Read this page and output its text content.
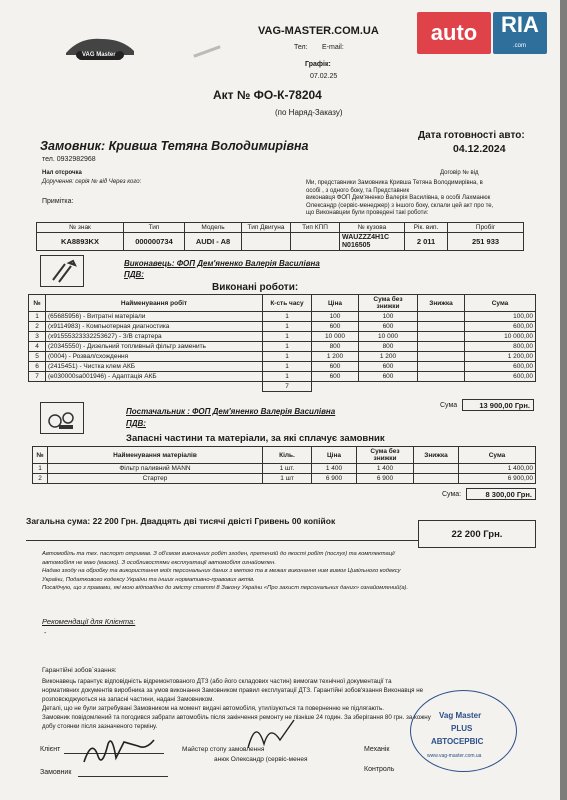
VAG Master
VAG-MASTER.COM.UA
Тел: E-mail:
Графік:
07.02.25
Акт № ФО-К-78204
(по Наряд-Заказу)
auto	RIA
.com
Замовник: Кривша Тетяна Володимирівна
тел. 0932982968
Дата готовності авто:
04.12.2024
Нал отсрочка
Доручення: серія № від Через кого:
Примітка:
Договір № від
Ми, представники Замовника Кривша Тетяна Володимирівна, в
особі , з одного боку, та Представник
виконавця ФОП Дем'яненко Валерія Василівна, в особі Лахманюк
Олександр (сервіс-менеджер) з іншого боку, склали цей акт про те,
що Виконавцем були проведені такі роботи:
№ знак	Тип	Модель	Тип Двигуна	Тип КПП	№ кузова	Рік. вип.	Пробіг
KA8893KX	000000734	AUDI - A8			WAUZZZ4H1C N016505	2 011	251 933
Виконавець: ФОП Дем'яненко Валерія Василівна
ПДВ:
Виконані роботи:
№	Найменування робіт	К-сть часу	Ціна	Сума без знижки	Знижка	Сума
1	(65685956) - Витратні матеріали	1	100	100		100,00
2	(x9114983) - Компьютерная диагностика	1	600	600		600,00
3	(x91555323332253627) - З/В стартера	1	10 000	10 000		10 000,00
4	(20345550) - Дизельний топливный фільтр заменить	1	800	800		800,00
5	(0004) - Розвал/схождення	1	1 200	1 200		1 200,00
6	(2415451) - Чистка клем АКБ	1	600	600		600,00
7	(e030000sa001946) - Адаптація АКБ	1	600	600		600,00
		7				
Сума	13 900,00 Грн.
Постачальник : ФОП Дем'яненко Валерія Василівна
ПДВ:
Запасні частини та матеріали, за які сплачує замовник
№	Найменування матеріалів	Кіль.	Ціна	Сума без знижки	Знижка	Сума
1	Фільтр паливний MANN	1 шт.	1 400	1 400		1 400,00
2	Стартер	1 шт	6 900	6 900		6 900,00
Сума:	8 300,00 Грн.
Загальна сума: 22 200 Грн. Двадцять дві тисячі двісті Гривень 00 копійок
22 200 Грн.
Автомобіль та тех. паспорт отримав. З об'ємом виконаних робіт згоден, претензій до якості робіт (послуг) та комплектації
автомобіля не маю (маємо). З особливостями експлуатації автомобіля ознайомлен.
Надаю згоду на обробку та використання моїх персональних даних з метою та в межах виконання ним вимог Цивільного кодексу
України, Податкового кодексу України та інших нормативно-правових актів.
Посвідчую, що з правами, які мою відповідно до змісту статті 8 Закону України «Про захист персональних даних» ознайомлений(а).
Рекомендації для Клієнта:
-
Гарантійні зобов`язання:
Виконавець гарантує відповідність відремонтованого ДТЗ (або його складових частин) вимогам технічної документації та
нормативних документів виробника за умов виконання Замовником правил експлуатації ДТЗ. Гарантійні зобов'язання Виконавця не
розповсюджуються на запасні частини, надані Замовником.
Деталі, що не були затребувані Замовником на момент видачі автомобіля, утилізуються та поверненню не підлягають.
Замовник повідомлений та погодився забрати автомобіль після закінчення ремонту не пізніше 24 годин. За зберігання 80 грн. за кожну
добу стоянки після зазначеного терміну.
Клієнт
Замовник
Майстер стопу замовлення
анюк Олександр (сервіс-менея
Механік
Контроль
Vag Master
PLUS
АВТОСЕРВІС
www.vag-master.com.ua
